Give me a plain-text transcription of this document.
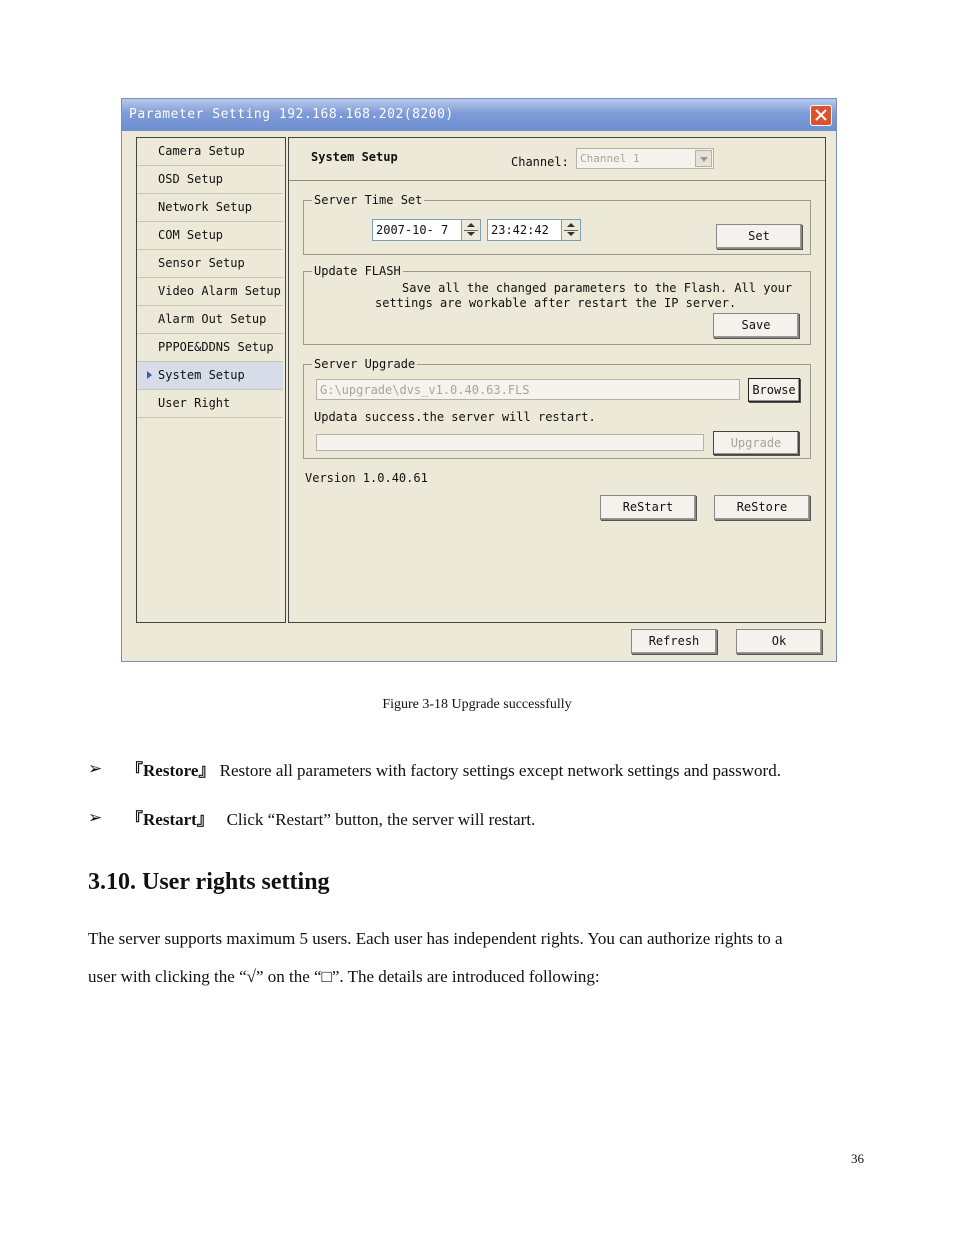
Parameter Setting 192.168.168.202(8200)
Camera Setup
OSD Setup
Network Setup
COM Setup
Sensor Setup
Video Alarm Setup
Alarm Out Setup
PPPOE&DDNS Setup
System Setup
User Right
System Setup	Channel: Channel 1
Server Time Set
2007-10- 7	23:42:42	Set
Update FLASH
Save all the changed parameters to the Flash. All your
settings are workable after restart the IP server.
Save
Server Upgrade
G:\upgrade\dvs_v1.0.40.63.FLS	Browse
Updata success.the server will restart.
Upgrade
Version 1.0.40.61
ReStart	ReStore
Refresh	Ok
Figure 3-18 Upgrade successfully
➢ 『Restore』 Restore all parameters with factory settings except network settings and password.
➢ 『Restart』   Click “Restart” button, the server will restart.
3.10. User rights setting
The server supports maximum 5 users. Each user has independent rights. You can authorize rights to a
user with clicking the “√” on the “□”. The details are introduced following:
36
